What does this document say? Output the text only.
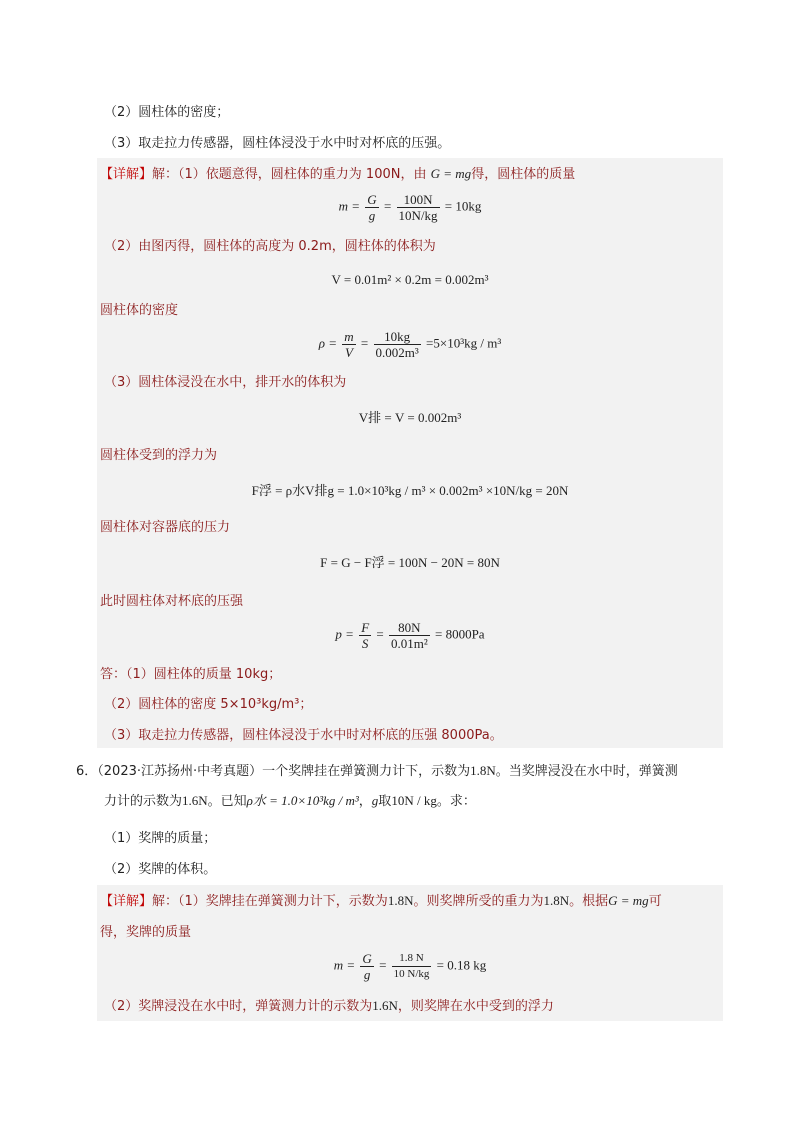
（2）圆柱体的密度；
（3）取走拉力传感器，圆柱体浸没于水中时对杯底的压强。
【详解】解：（1）依题意得，圆柱体的重力为 100N，由 G = mg得，圆柱体的质量
$m = \frac{G}{g} = \frac{100N}{10N/kg} = 10kg$
（2）由图丙得，圆柱体的高度为 0.2m，圆柱体的体积为
V = 0.01m² × 0.2m = 0.002m³
圆柱体的密度
$\rho = \frac{m}{V} = \frac{10kg}{\text{0.002m³}} =5\times 10^3kg / m^3$
（3）圆柱体浸没在水中，排开水的体积为
V排 = V = 0.002m³
圆柱体受到的浮力为
F浮 = ρ水V排g = 1.0×10³kg / m³ × 0.002m³ ×10N/kg = 20N
圆柱体对容器底的压力
F = G − F浮 = 100N − 20N = 80N
此时圆柱体对杯底的压强
$p = \frac{F}{S} = \frac{80N}{\text{0.01m²}} = 8000Pa$
答：（1）圆柱体的质量 10kg；
（2）圆柱体的密度 5×10³kg/m³；
（3）取走拉力传感器，圆柱体浸没于水中时对杯底的压强 8000Pa。
6．（2023·江苏扬州·中考真题）一个奖牌挂在弹簧测力计下，示数为1.8N。当奖牌浸没在水中时，弹簧测
力计的示数为1.6N。已知ρ水 = 1.0×10³kg / m³，g取10N / kg。求：
（1）奖牌的质量；
（2）奖牌的体积。
【详解】解：（1）奖牌挂在弹簧测力计下，示数为1.8N。则奖牌所受的重力为1.8N。根据G = mg可
得，奖牌的质量
$m = \frac{G}{g} = \frac{1.8 N}{10 N/kg} = 0.18$ kg
（2）奖牌浸没在水中时，弹簧测力计的示数为1.6N，则奖牌在水中受到的浮力
